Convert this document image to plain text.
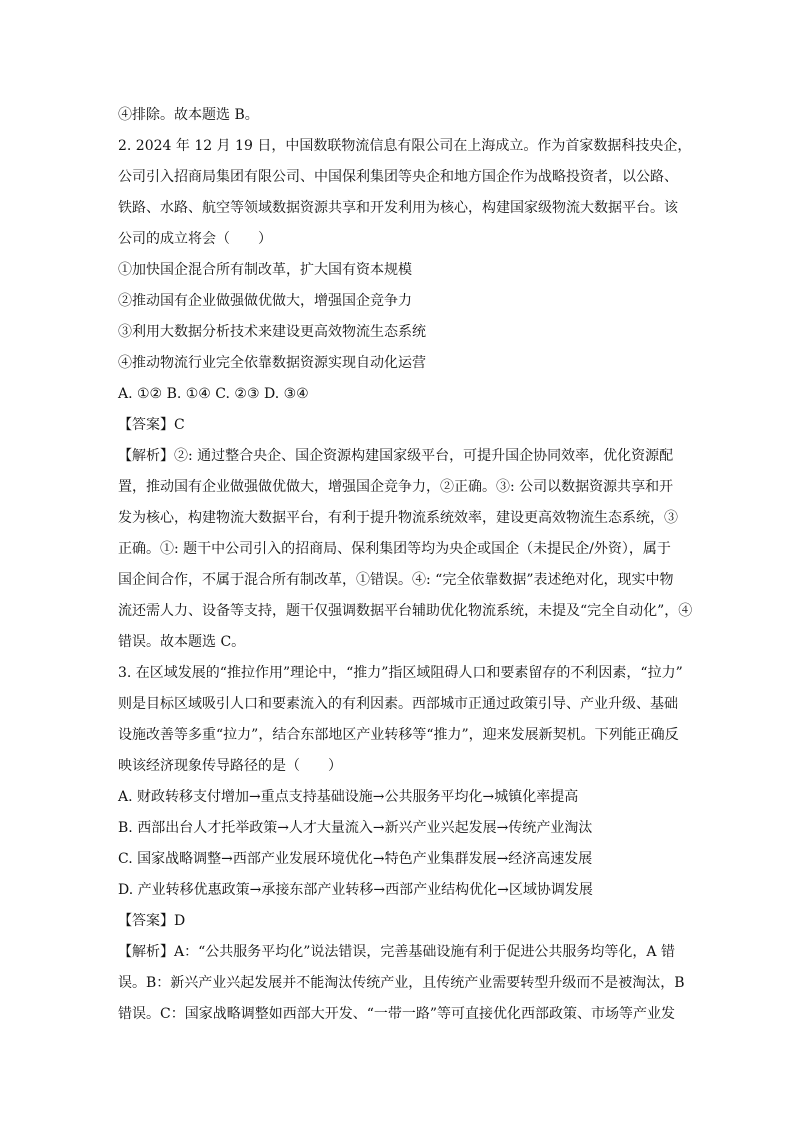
④排除。故本题选 B。
2. 2024 年 12 月 19 日，中国数联物流信息有限公司在上海成立。作为首家数据科技央企，
公司引入招商局集团有限公司、中国保利集团等央企和地方国企作为战略投资者，以公路、
铁路、水路、航空等领域数据资源共享和开发利用为核心，构建国家级物流大数据平台。该
公司的成立将会（　　）
①加快国企混合所有制改革，扩大国有资本规模
②推动国有企业做强做优做大，增强国企竞争力
③利用大数据分析技术来建设更高效物流生态系统
④推动物流行业完全依靠数据资源实现自动化运营
A. ①② B. ①④ C. ②③ D. ③④
【答案】C
【解析】②: 通过整合央企、国企资源构建国家级平台，可提升国企协同效率，优化资源配
置，推动国有企业做强做优做大，增强国企竞争力，②正确。③: 公司以数据资源共享和开
发为核心，构建物流大数据平台，有利于提升物流系统效率，建设更高效物流生态系统，③
正确。①: 题干中公司引入的招商局、保利集团等均为央企或国企（未提民企/外资），属于
国企间合作，不属于混合所有制改革，①错误。④: “完全依靠数据”表述绝对化，现实中物
流还需人力、设备等支持，题干仅强调数据平台辅助优化物流系统，未提及“完全自动化”，④
错误。故本题选 C。
3. 在区域发展的“推拉作用”理论中，“推力”指区域阻碍人口和要素留存的不利因素，“拉力”
则是目标区域吸引人口和要素流入的有利因素。西部城市正通过政策引导、产业升级、基础
设施改善等多重“拉力”，结合东部地区产业转移等“推力”，迎来发展新契机。下列能正确反
映该经济现象传导路径的是（　　）
A. 财政转移支付增加→重点支持基础设施→公共服务平均化→城镇化率提高
B. 西部出台人才托举政策→人才大量流入→新兴产业兴起发展→传统产业淘汰
C. 国家战略调整→西部产业发展环境优化→特色产业集群发展→经济高速发展
D. 产业转移优惠政策→承接东部产业转移→西部产业结构优化→区域协调发展
【答案】D
【解析】A：“公共服务平均化”说法错误，完善基础设施有利于促进公共服务均等化，A 错
误。B：新兴产业兴起发展并不能淘汰传统产业，且传统产业需要转型升级而不是被淘汰，B
错误。C：国家战略调整如西部大开发、“一带一路”等可直接优化西部政策、市场等产业发
